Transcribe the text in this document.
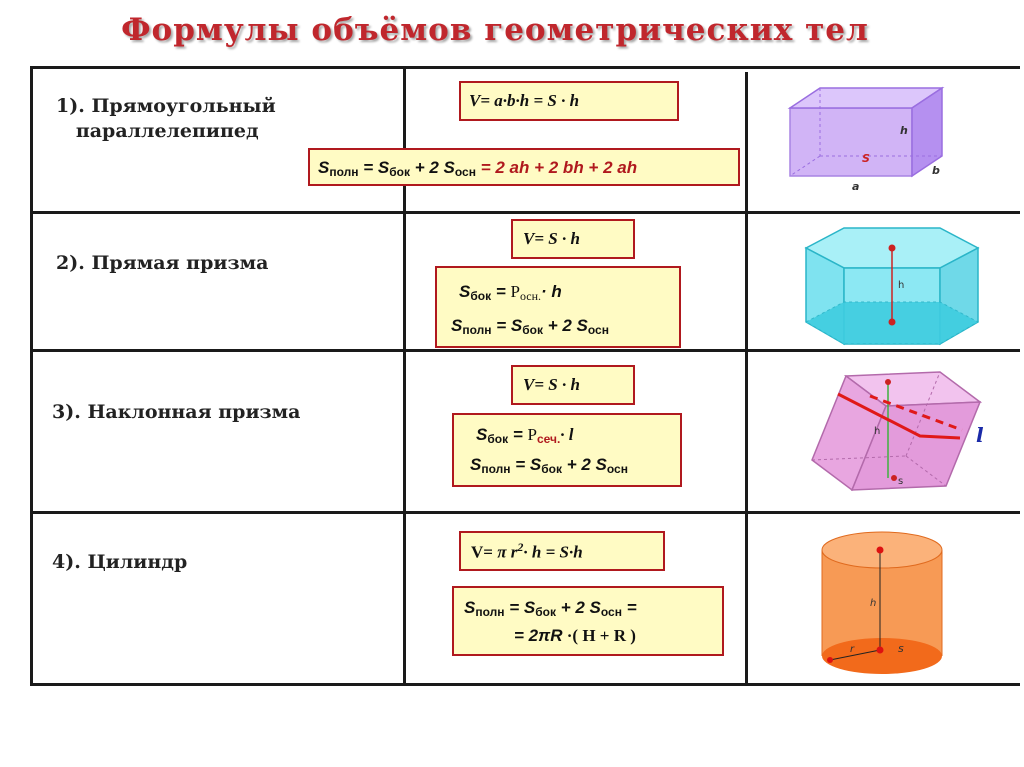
Формулы объёмов геометрических тел
1). Прямоугольный
параллелепипед
V= a·b·h = S · h
$S_{полн} = S_{бок} + 2$ $S_{осн} = 2$ ah + 2 bh + 2 ah
h
S
a
b
2). Прямая призма
V= S · h
$S_{бок} = P_{осн.}\cdot h$
$S_{полн} = S_{бок} + 2$ $S_{осн}$
h
3). Наклонная призма
V= S · h
$S_{бок} = P_{сеч.}\cdot l$
$S_{полн} = S_{бок} + 2$ $S_{осн}$
h
s
l
4). Цилиндр	V= π $r^2\cdot h = S\cdot h$
$S_{полн} = S_{бок} + 2$ $S_{осн}$ =
= 2πR ·( H + R )
h
s
r
